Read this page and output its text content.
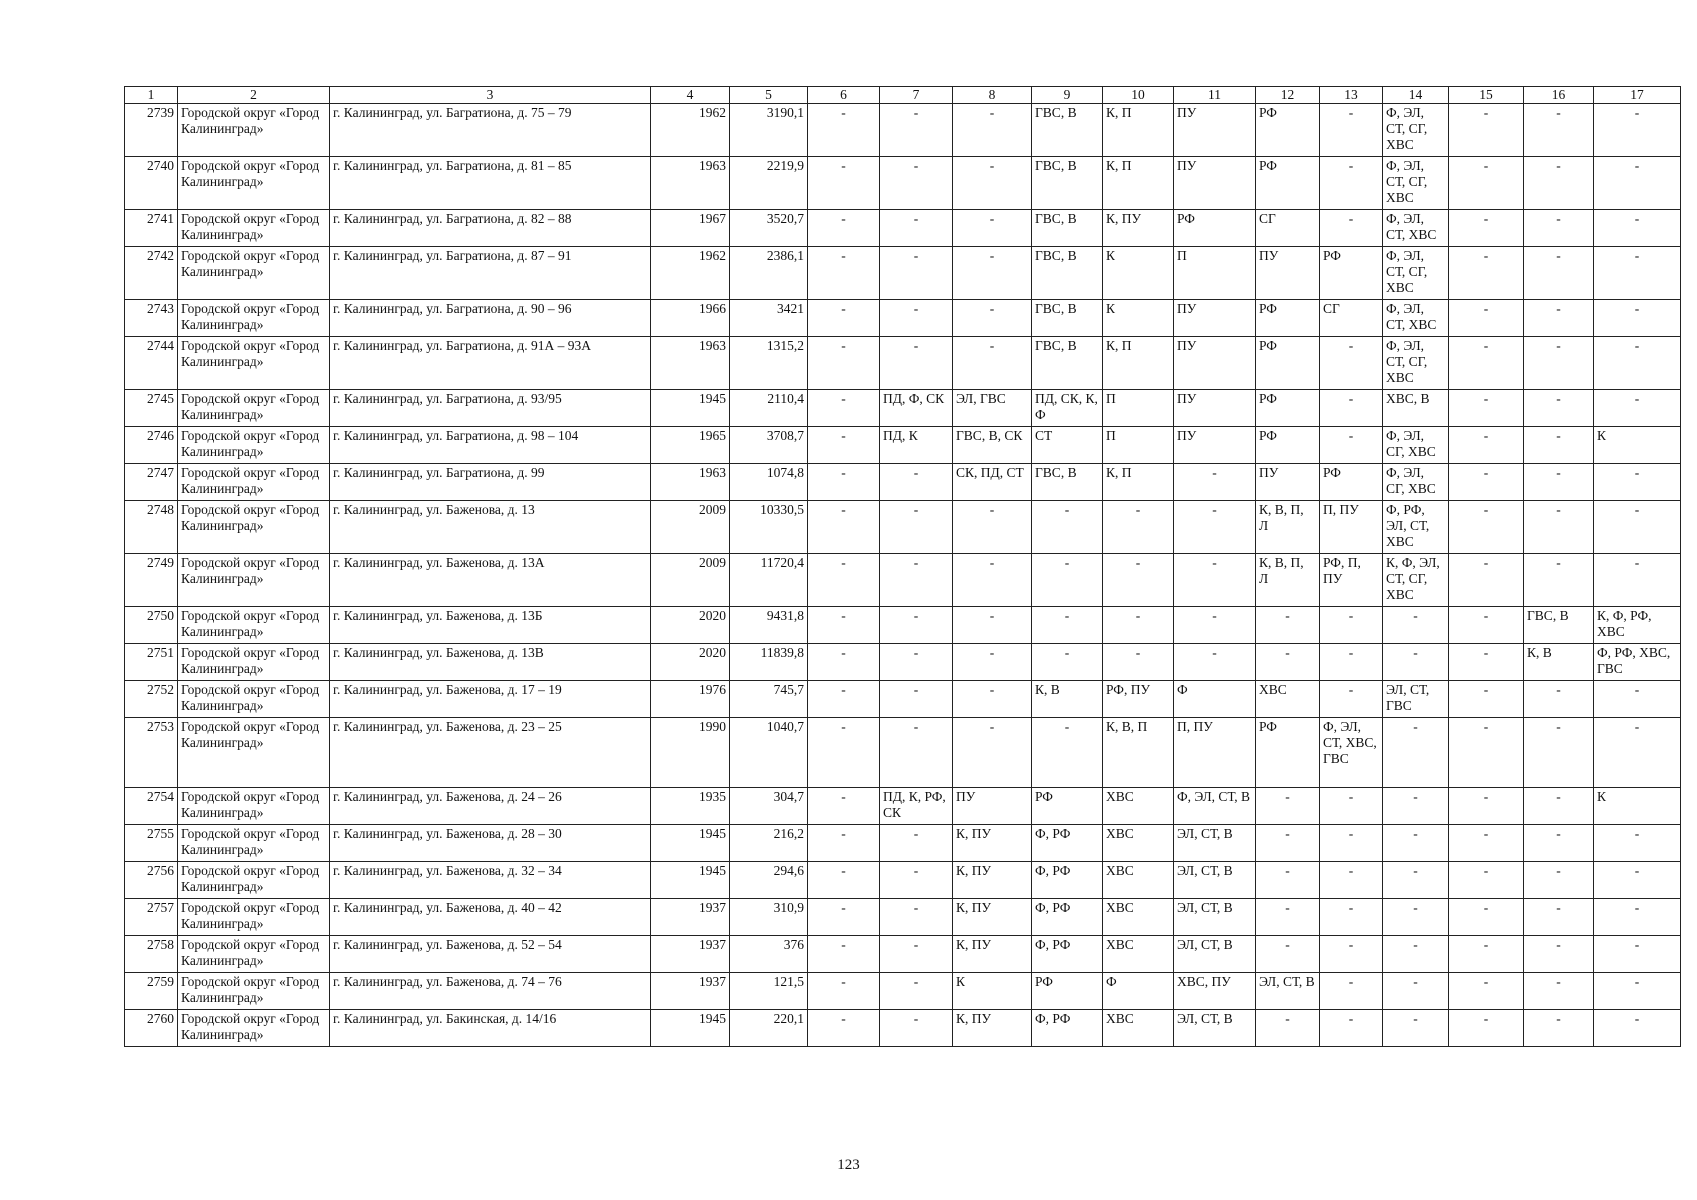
1	2	3	4	5	6	7	8	9	10	11	12	13	14	15	16	17
2739	Городской округ «Город Калининград»	г. Калининград, ул. Багратиона, д. 75 – 79	1962	3190,1	-	-	-	ГВС, В	К, П	ПУ	РФ	-	Ф, ЭЛ, СТ, СГ, ХВС	-	-	-
2740	Городской округ «Город Калининград»	г. Калининград, ул. Багратиона, д. 81 – 85	1963	2219,9	-	-	-	ГВС, В	К, П	ПУ	РФ	-	Ф, ЭЛ, СТ, СГ, ХВС	-	-	-
2741	Городской округ «Город Калининград»	г. Калининград, ул. Багратиона, д. 82 – 88	1967	3520,7	-	-	-	ГВС, В	К, ПУ	РФ	СГ	-	Ф, ЭЛ, СТ, ХВС	-	-	-
2742	Городской округ «Город Калининград»	г. Калининград, ул. Багратиона, д. 87 – 91	1962	2386,1	-	-	-	ГВС, В	К	П	ПУ	РФ	Ф, ЭЛ, СТ, СГ, ХВС	-	-	-
2743	Городской округ «Город Калининград»	г. Калининград, ул. Багратиона, д. 90 – 96	1966	3421	-	-	-	ГВС, В	К	ПУ	РФ	СГ	Ф, ЭЛ, СТ, ХВС	-	-	-
2744	Городской округ «Город Калининград»	г. Калининград, ул. Багратиона, д. 91А – 93А	1963	1315,2	-	-	-	ГВС, В	К, П	ПУ	РФ	-	Ф, ЭЛ, СТ, СГ, ХВС	-	-	-
2745	Городской округ «Город Калининград»	г. Калининград, ул. Багратиона, д. 93/95	1945	2110,4	-	ПД, Ф, СК	ЭЛ, ГВС	ПД, СК, К, Ф	П	ПУ	РФ	-	ХВС, В	-	-	-
2746	Городской округ «Город Калининград»	г. Калининград, ул. Багратиона, д. 98 – 104	1965	3708,7	-	ПД, К	ГВС, В, СК	СТ	П	ПУ	РФ	-	Ф, ЭЛ, СГ, ХВС	-	-	К
2747	Городской округ «Город Калининград»	г. Калининград, ул. Багратиона, д. 99	1963	1074,8	-	-	СК, ПД, СТ	ГВС, В	К, П	-	ПУ	РФ	Ф, ЭЛ, СГ, ХВС	-	-	-
2748	Городской округ «Город Калининград»	г. Калининград, ул. Баженова, д. 13	2009	10330,5	-	-	-	-	-	-	К, В, П, Л	П, ПУ	Ф, РФ, ЭЛ, СТ, ХВС	-	-	-
2749	Городской округ «Город Калининград»	г. Калининград, ул. Баженова, д. 13А	2009	11720,4	-	-	-	-	-	-	К, В, П, Л	РФ, П, ПУ	К, Ф, ЭЛ, СТ, СГ, ХВС	-	-	-
2750	Городской округ «Город Калининград»	г. Калининград, ул. Баженова, д. 13Б	2020	9431,8	-	-	-	-	-	-	-	-	-	-	ГВС, В	К, Ф, РФ, ХВС
2751	Городской округ «Город Калининград»	г. Калининград, ул. Баженова, д. 13В	2020	11839,8	-	-	-	-	-	-	-	-	-	-	К, В	Ф, РФ, ХВС, ГВС
2752	Городской округ «Город Калининград»	г. Калининград, ул. Баженова, д. 17 – 19	1976	745,7	-	-	-	К, В	РФ, ПУ	Ф	ХВС	-	ЭЛ, СТ, ГВС	-	-	-
2753	Городской округ «Город Калининград»	г. Калининград, ул. Баженова, д. 23 – 25	1990	1040,7	-	-	-	-	К, В, П	П, ПУ	РФ	Ф, ЭЛ, СТ, ХВС, ГВС	-	-	-	-
2754	Городской округ «Город Калининград»	г. Калининград, ул. Баженова, д. 24 – 26	1935	304,7	-	ПД, К, РФ, СК	ПУ	РФ	ХВС	Ф, ЭЛ, СТ, В	-	-	-	-	-	К
2755	Городской округ «Город Калининград»	г. Калининград, ул. Баженова, д. 28 – 30	1945	216,2	-	-	К, ПУ	Ф, РФ	ХВС	ЭЛ, СТ, В	-	-	-	-	-	-
2756	Городской округ «Город Калининград»	г. Калининград, ул. Баженова, д. 32 – 34	1945	294,6	-	-	К, ПУ	Ф, РФ	ХВС	ЭЛ, СТ, В	-	-	-	-	-	-
2757	Городской округ «Город Калининград»	г. Калининград, ул. Баженова, д. 40 – 42	1937	310,9	-	-	К, ПУ	Ф, РФ	ХВС	ЭЛ, СТ, В	-	-	-	-	-	-
2758	Городской округ «Город Калининград»	г. Калининград, ул. Баженова, д. 52 – 54	1937	376	-	-	К, ПУ	Ф, РФ	ХВС	ЭЛ, СТ, В	-	-	-	-	-	-
2759	Городской округ «Город Калининград»	г. Калининград, ул. Баженова, д. 74 – 76	1937	121,5	-	-	К	РФ	Ф	ХВС, ПУ	ЭЛ, СТ, В	-	-	-	-	-
2760	Городской округ «Город Калининград»	г. Калининград, ул. Бакинская, д. 14/16	1945	220,1	-	-	К, ПУ	Ф, РФ	ХВС	ЭЛ, СТ, В	-	-	-	-	-	-
123
